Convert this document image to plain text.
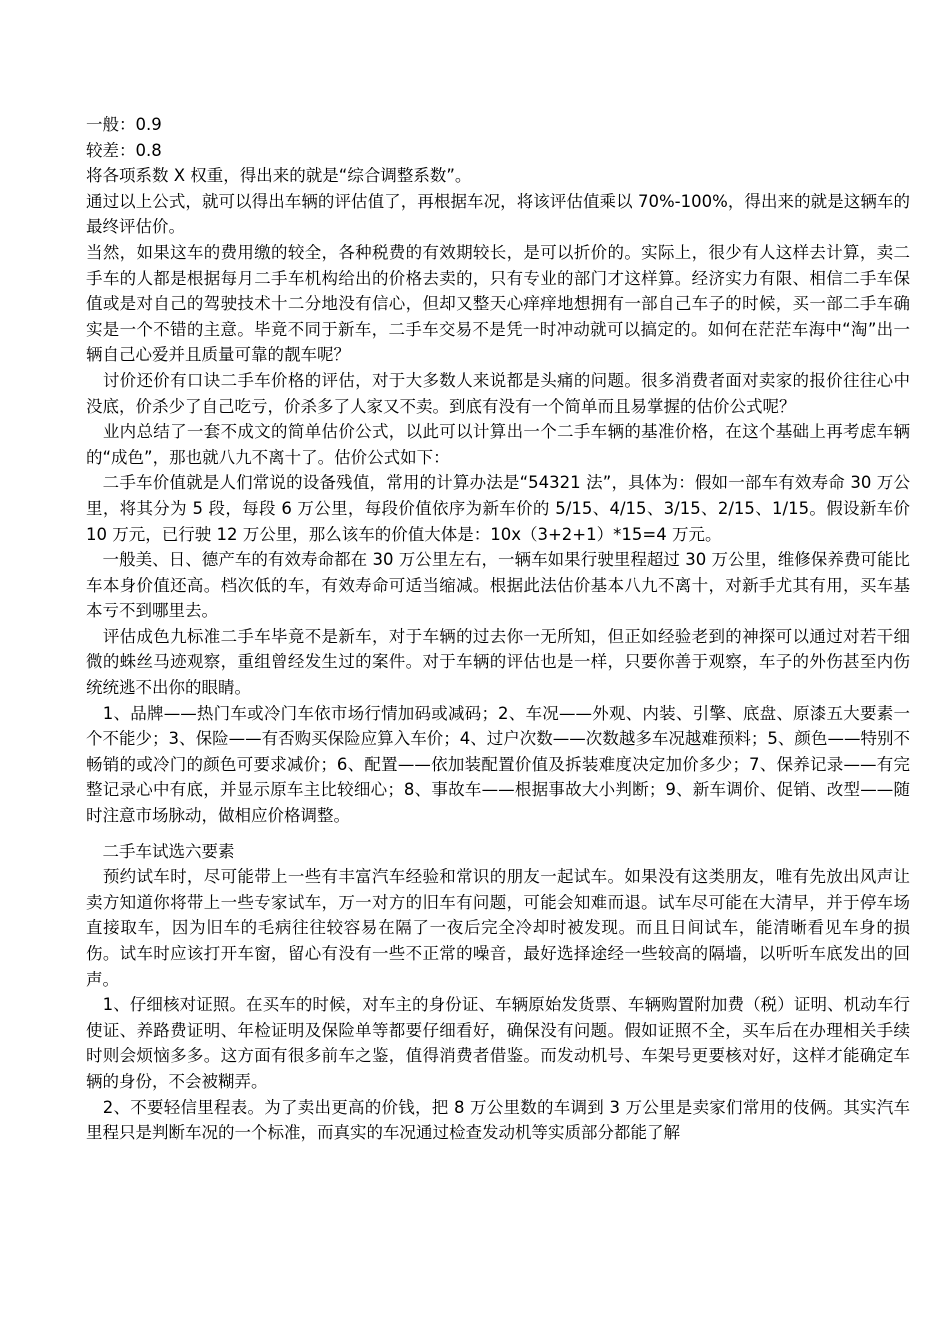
一般：0.9

较差：0.8

将各项系数 X 权重，得出来的就是“综合调整系数”。

通过以上公式，就可以得出车辆的评估值了，再根据车况，将该评估值乘以 70%-100%，得出来的就是这辆车的最终评估价。

当然，如果这车的费用缴的较全，各种税费的有效期较长，是可以折价的。实际上，很少有人这样去计算，卖二手车的人都是根据每月二手车机构给出的价格去卖的，只有专业的部门才这样算。经济实力有限、相信二手车保值或是对自己的驾驶技术十二分地没有信心，但却又整天心痒痒地想拥有一部自己车子的时候，买一部二手车确实是一个不错的主意。毕竟不同于新车，二手车交易不是凭一时冲动就可以搞定的。如何在茫茫车海中“淘”出一辆自己心爱并且质量可靠的靓车呢？

　讨价还价有口诀二手车价格的评估，对于大多数人来说都是头痛的问题。很多消费者面对卖家的报价往往心中没底，价杀少了自己吃亏，价杀多了人家又不卖。到底有没有一个简单而且易掌握的估价公式呢？

　业内总结了一套不成文的简单估价公式，以此可以计算出一个二手车辆的基准价格，在这个基础上再考虑车辆的“成色”，那也就八九不离十了。估价公式如下：

　二手车价值就是人们常说的设备残值，常用的计算办法是“54321 法”，具体为：假如一部车有效寿命 30 万公里，将其分为 5 段，每段 6 万公里，每段价值依序为新车价的 5/15、4/15、3/15、2/15、1/15。假设新车价 10 万元，已行驶 12 万公里，那么该车的价值大体是：10x（3+2+1）*15=4 万元。

　一般美、日、德产车的有效寿命都在 30 万公里左右，一辆车如果行驶里程超过 30 万公里，维修保养费可能比车本身价值还高。档次低的车，有效寿命可适当缩减。根据此法估价基本八九不离十，对新手尤其有用，买车基本亏不到哪里去。

　评估成色九标准二手车毕竟不是新车，对于车辆的过去你一无所知，但正如经验老到的神探可以通过对若干细微的蛛丝马迹观察，重组曾经发生过的案件。对于车辆的评估也是一样，只要你善于观察，车子的外伤甚至内伤统统逃不出你的眼睛。

　1、品牌——热门车或冷门车依市场行情加码或减码；2、车况——外观、内装、引擎、底盘、原漆五大要素一个不能少；3、保险——有否购买保险应算入车价；4、过户次数——次数越多车况越难预料；5、颜色——特别不畅销的或冷门的颜色可要求减价；6、配置——依加装配置价值及拆装难度决定加价多少；7、保养记录——有完整记录心中有底，并显示原车主比较细心；8、事故车——根据事故大小判断；9、新车调价、促销、改型——随时注意市场脉动，做相应价格调整。

　二手车试选六要素

　预约试车时，尽可能带上一些有丰富汽车经验和常识的朋友一起试车。如果没有这类朋友，唯有先放出风声让卖方知道你将带上一些专家试车，万一对方的旧车有问题，可能会知难而退。试车尽可能在大清早，并于停车场直接取车，因为旧车的毛病往往较容易在隔了一夜后完全冷却时被发现。而且日间试车，能清晰看见车身的损伤。试车时应该打开车窗，留心有没有一些不正常的噪音，最好选择途经一些较高的隔墙，以听听车底发出的回声。

　1、仔细核对证照。在买车的时候，对车主的身份证、车辆原始发货票、车辆购置附加费（税）证明、机动车行使证、养路费证明、年检证明及保险单等都要仔细看好，确保没有问题。假如证照不全，买车后在办理相关手续时则会烦恼多多。这方面有很多前车之鉴，值得消费者借鉴。而发动机号、车架号更要核对好，这样才能确定车辆的身份，不会被糊弄。

　2、不要轻信里程表。为了卖出更高的价钱，把 8 万公里数的车调到 3 万公里是卖家们常用的伎俩。其实汽车里程只是判断车况的一个标准，而真实的车况通过检查发动机等实质部分都能了解
